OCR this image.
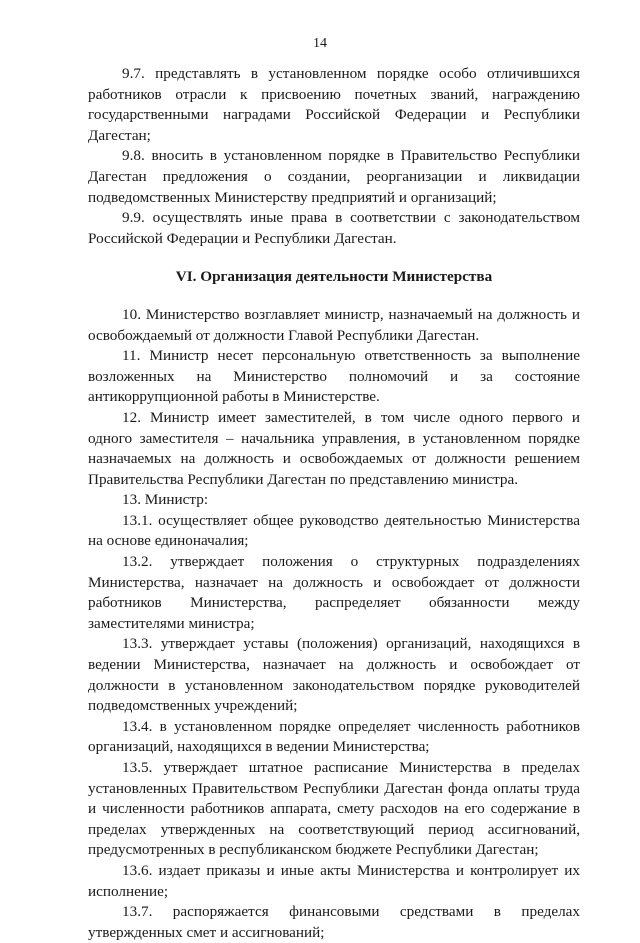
14

9.7. представлять в установленном порядке особо отличившихся работников отрасли к присвоению почетных званий, награждению государственными наградами Российской Федерации и Республики Дагестан;

9.8. вносить в установленном порядке в Правительство Республики Дагестан предложения о создании, реорганизации и ликвидации подведомственных Министерству предприятий и организаций;

9.9. осуществлять иные права в соответствии с законодательством Российской Федерации и Республики Дагестан.

VI. Организация деятельности Министерства

10. Министерство возглавляет министр, назначаемый на должность и освобождаемый от должности Главой Республики Дагестан.

11. Министр несет персональную ответственность за выполнение возложенных на Министерство полномочий и за состояние антикоррупционной работы в Министерстве.

12. Министр имеет заместителей, в том числе одного первого и одного заместителя – начальника управления, в установленном порядке назначаемых на должность и освобождаемых от должности решением Правительства Республики Дагестан по представлению министра.

13. Министр:

13.1. осуществляет общее руководство деятельностью Министерства на основе единоначалия;

13.2. утверждает положения о структурных подразделениях Министерства, назначает на должность и освобождает от должности работников Министерства, распределяет обязанности между заместителями министра;

13.3. утверждает уставы (положения) организаций, находящихся в ведении Министерства, назначает на должность и освобождает от должности в установленном законодательством порядке руководителей подведомственных учреждений;

13.4. в установленном порядке определяет численность работников организаций, находящихся в ведении Министерства;

13.5. утверждает штатное расписание Министерства в пределах установленных Правительством Республики Дагестан фонда оплаты труда и численности работников аппарата, смету расходов на его содержание в пределах утвержденных на соответствующий период ассигнований, предусмотренных в республиканском бюджете Республики Дагестан;

13.6. издает приказы и иные акты Министерства и контролирует их исполнение;

13.7. распоряжается финансовыми средствами в пределах утвержденных смет и ассигнований;
